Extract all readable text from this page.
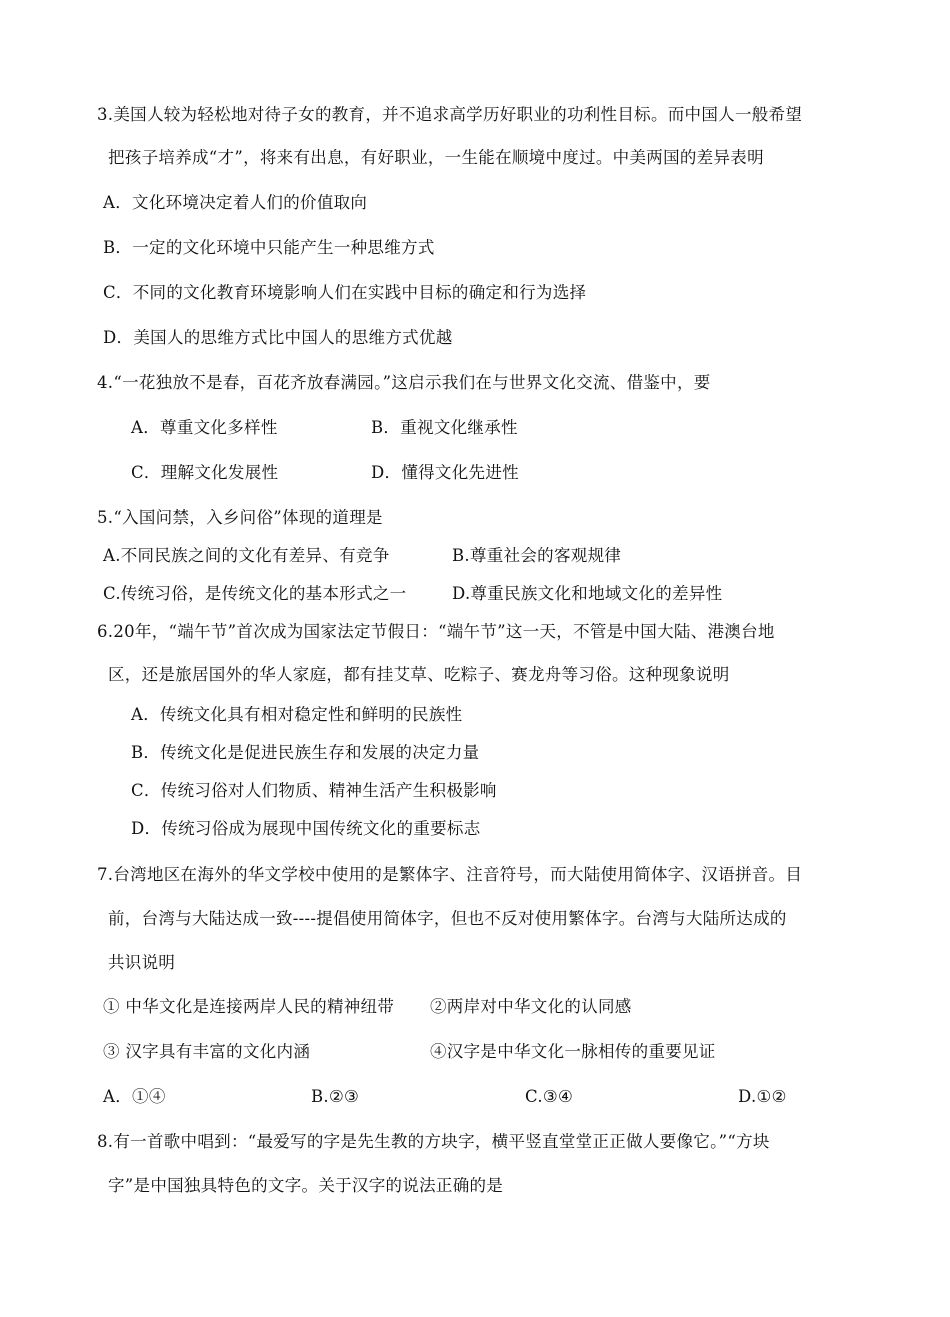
3.美国人较为轻松地对待子女的教育，并不追求高学历好职业的功利性目标。而中国人一般希望
把孩子培养成“才”，将来有出息，有好职业，一生能在顺境中度过。中美两国的差异表明
A．文化环境决定着人们的价值取向
B．一定的文化环境中只能产生一种思维方式
C．不同的文化教育环境影响人们在实践中目标的确定和行为选择
D．美国人的思维方式比中国人的思维方式优越
4.“一花独放不是春，百花齐放春满园。”这启示我们在与世界文化交流、借鉴中，要
A．尊重文化多样性	B．重视文化继承性
C．理解文化发展性	D．懂得文化先进性
5.“入国问禁，入乡问俗”体现的道理是
A.不同民族之间的文化有差异、有竞争	B.尊重社会的客观规律
C.传统习俗，是传统文化的基本形式之一	D.尊重民族文化和地域文化的差异性
6.20年，“端午节”首次成为国家法定节假日：“端午节”这一天，不管是中国大陆、港澳台地
区，还是旅居国外的华人家庭，都有挂艾草、吃粽子、赛龙舟等习俗。这种现象说明
A．传统文化具有相对稳定性和鲜明的民族性
B．传统文化是促进民族生存和发展的决定力量
C．传统习俗对人们物质、精神生活产生积极影响
D．传统习俗成为展现中国传统文化的重要标志
7.台湾地区在海外的华文学校中使用的是繁体字、注音符号，而大陆使用简体字、汉语拼音。目
前，台湾与大陆达成一致----提倡使用简体字，但也不反对使用繁体字。台湾与大陆所达成的
共识说明
① 中华文化是连接两岸人民的精神纽带 ②两岸对中华文化的认同感
③ 汉字具有丰富的文化内涵	④汉字是中华文化一脉相传的重要见证
A．①④	B.②③	C.③④	D.①②
8.有一首歌中唱到：“最爱写的字是先生教的方块字，横平竖直堂堂正正做人要像它。”“方块
字”是中国独具特色的文字。关于汉字的说法正确的是
